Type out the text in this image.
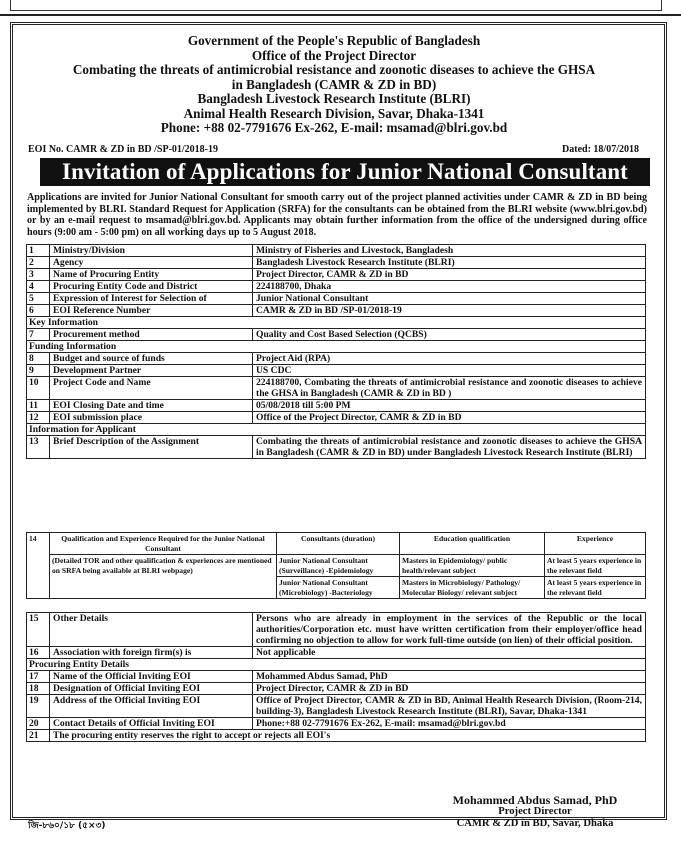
Government of the People's Republic of Bangladesh
Office of the Project Director
Combating the threats of antimicrobial resistance and zoonotic diseases to achieve the GHSA
in Bangladesh (CAMR & ZD in BD)
Bangladesh Livestock Research Institute (BLRI)
Animal Health Research Division, Savar, Dhaka-1341
Phone: +88 02-7791676 Ex-262, E-mail: msamad@blri.gov.bd
EOI No. CAMR & ZD in BD /SP-01/2018-19	Dated: 18/07/2018
Invitation of Applications for Junior National Consultant
Applications are invited for Junior National Consultant for smooth carry out of the project planned activities under CAMR & ZD in BD being implemented by BLRI. Standard Request for Application (SRFA) for the consultants can be obtained from the BLRI website (www.blri.gov.bd) or by an e-mail request to msamad@blri.gov.bd. Applicants may obtain further information from the office of the undersigned during office hours (9:00 am - 5:00 pm) on all working days up to 5 August 2018.
1	Ministry/Division	Ministry of Fisheries and Livestock, Bangladesh
2	Agency	Bangladesh Livestock Research Institute (BLRI)
3	Name of Procuring Entity	Project Director, CAMR & ZD in BD
4	Procuring Entity Code and District	224188700, Dhaka
5	Expression of Interest for Selection of	Junior National Consultant
6	EOI Reference Number	CAMR & ZD in BD /SP-01/2018-19
Key Information		
7	Procurement method	Quality and Cost Based Selection (QCBS)
Funding Information		
8	Budget and source of funds	Project Aid (RPA)
9	Development Partner	US CDC
10	Project Code and Name	224188700, Combating the threats of antimicrobial resistance and zoonotic diseases to achieve the GHSA in Bangladesh (CAMR & ZD in BD )
11	EOI Closing Date and time	05/08/2018 till 5:00 PM
12	EOI submission place	Office of the Project Director, CAMR & ZD in BD
Information for Applicant		
13	Brief Description of the Assignment	Combating the threats of antimicrobial resistance and zoonotic diseases to achieve the GHSA in Bangladesh (CAMR & ZD in BD) under Bangladesh Livestock Research Institute (BLRI)
14	Qualification and Experience Required for the Junior National Consultant	Consultants (duration)	Education qualification	Experience
	(Detailed TOR and other qualification & experiences are mentioned on SRFA being available at BLRI webpage)	Junior National Consultant (Surveillance) -Epidemiology	Masters in Epidemiology/ public health/relevant subject	At least 5 years experience in the relevant field
		Junior National Consultant (Microbiology) -Bacteriology	Masters in Microbiology/ Pathology/ Molecular Biology/ relevant subject	At least 5 years experience in the relevant field
15	Other Details	Persons who are already in employment in the services of the Republic or the local authorities/Corporation etc. must have written certification from their employer/office head confirming no objection to allow for work full-time outside (on lien) of their official position.
16	Association with foreign firm(s) is	Not applicable
Procuring Entity Details		
17	Name of the Official Inviting EOI	Mohammed Abdus Samad, PhD
18	Designation of Official Inviting EOI	Project Director, CAMR & ZD in BD
19	Address of the Official Inviting EOI	Office of Project Director, CAMR & ZD in BD, Animal Health Research Division, (Room-214, building-3), Bangladesh Livestock Research Institute (BLRI), Savar, Dhaka-1341
20	Contact Details of Official Inviting EOI	Phone:+88 02-7791676 Ex-262, E-mail: msamad@blri.gov.bd
21	The procuring entity reserves the right to accept or rejects all EOI's	
Mohammed Abdus Samad, PhD
Project Director
CAMR & ZD in BD, Savar, Dhaka
জি-৮৬০/১৮ (৫×৩)
